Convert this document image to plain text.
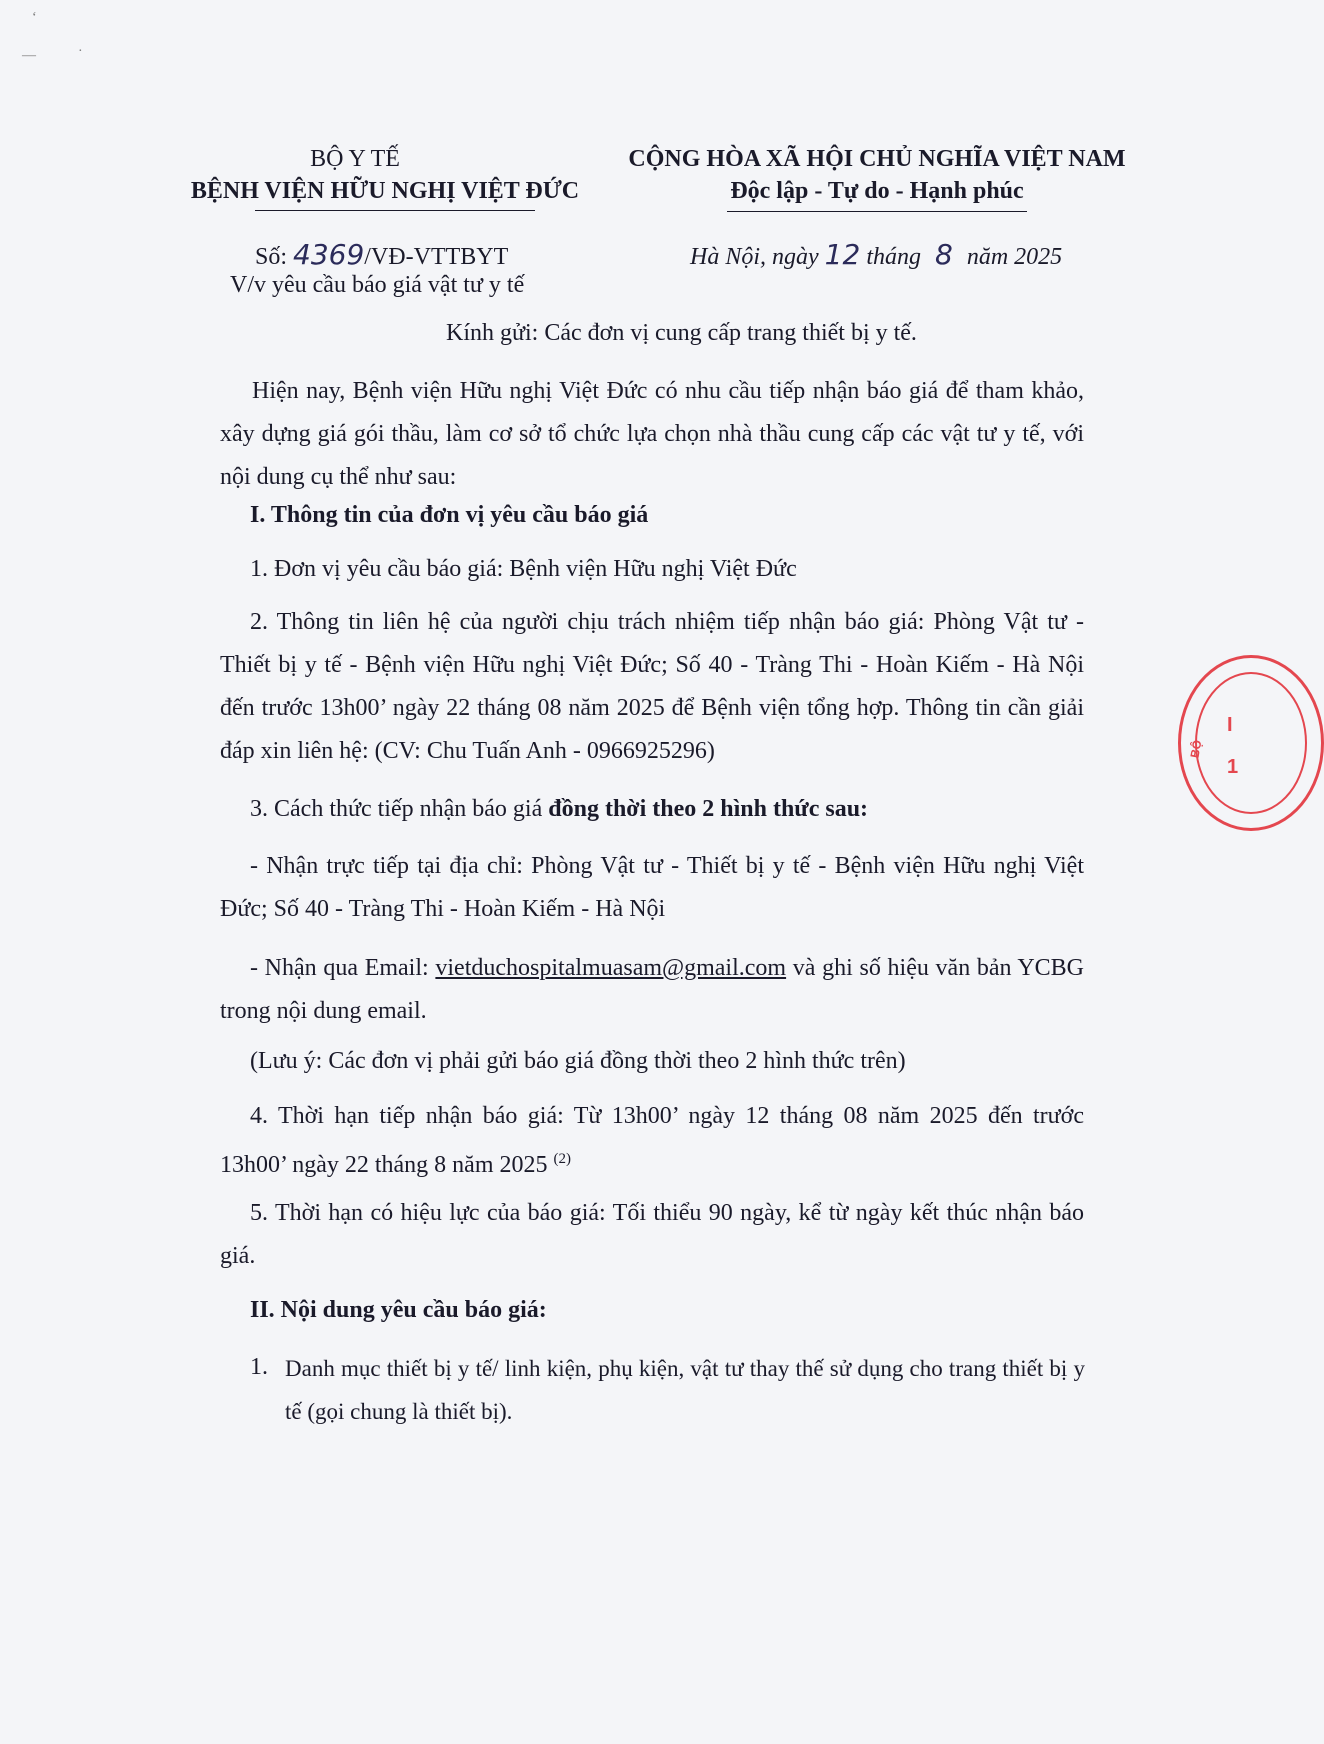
‘
—	·
BỘ Y TẾ
BỆNH VIỆN HỮU NGHỊ VIỆT ĐỨC
CỘNG HÒA XÃ HỘI CHỦ NGHĨA VIỆT NAM
Độc lập - Tự do - Hạnh phúc
Số: 4369/VĐ-VTTBYT
V/v yêu cầu báo giá vật tư y tế
Hà Nội, ngày 12 tháng 8 năm 2025
Kính gửi: Các đơn vị cung cấp trang thiết bị y tế.
Hiện nay, Bệnh viện Hữu nghị Việt Đức có nhu cầu tiếp nhận báo giá để tham khảo, xây dựng giá gói thầu, làm cơ sở tổ chức lựa chọn nhà thầu cung cấp các vật tư y tế, với nội dung cụ thể như sau:
I. Thông tin của đơn vị yêu cầu báo giá
1. Đơn vị yêu cầu báo giá: Bệnh viện Hữu nghị Việt Đức
2. Thông tin liên hệ của người chịu trách nhiệm tiếp nhận báo giá: Phòng Vật tư - Thiết bị y tế - Bệnh viện Hữu nghị Việt Đức; Số 40 - Tràng Thi - Hoàn Kiếm - Hà Nội đến trước 13h00’ ngày 22 tháng 08 năm 2025 để Bệnh viện tổng hợp. Thông tin cần giải đáp xin liên hệ: (CV: Chu Tuấn Anh - 0966925296)
3. Cách thức tiếp nhận báo giá đồng thời theo 2 hình thức sau:
- Nhận trực tiếp tại địa chỉ: Phòng Vật tư - Thiết bị y tế - Bệnh viện Hữu nghị Việt Đức; Số 40 - Tràng Thi - Hoàn Kiếm - Hà Nội
- Nhận qua Email: vietduchospitalmuasam@gmail.com và ghi số hiệu văn bản YCBG trong nội dung email.
(Lưu ý: Các đơn vị phải gửi báo giá đồng thời theo 2 hình thức trên)
4. Thời hạn tiếp nhận báo giá: Từ 13h00’ ngày 12 tháng 08 năm 2025 đến trước 13h00’ ngày 22 tháng 8 năm 2025 $^{(2)}$
5. Thời hạn có hiệu lực của báo giá: Tối thiểu 90 ngày, kể từ ngày kết thúc nhận báo giá.
II. Nội dung yêu cầu báo giá:
1. Danh mục thiết bị y tế/ linh kiện, phụ kiện, vật tư thay thế sử dụng cho trang thiết bị y tế (gọi chung là thiết bị).
I
1
BỘ
